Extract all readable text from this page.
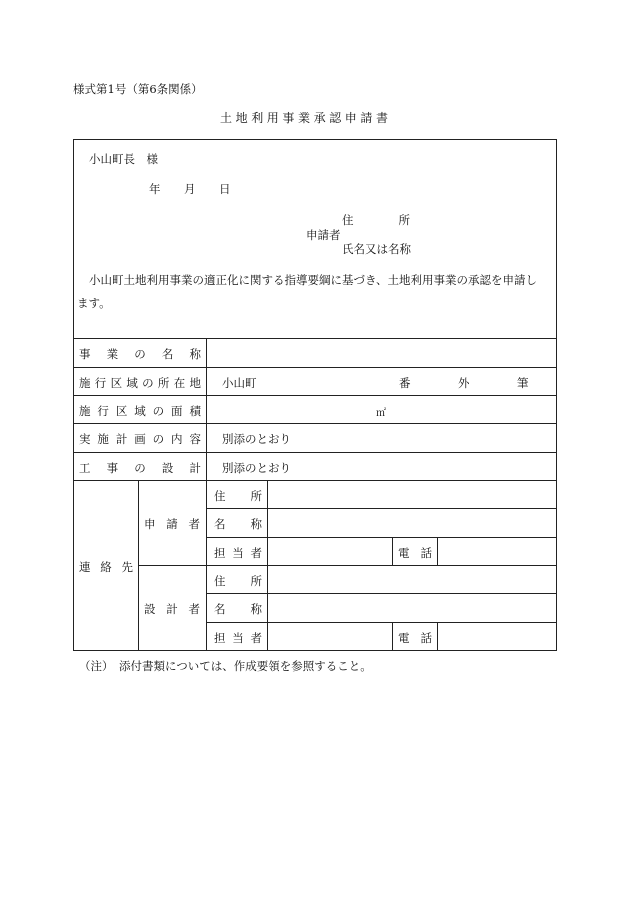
様式第1号（第6条関係）
土地利用事業承認申請書
小山町長　様
年 月 日
住	所
申請者
氏名又は名称
小山町土地利用事業の適正化に関する指導要綱に基づき、土地利用事業の承認を申請し
ます。
事 業 の 名 称
施 行 区 域 の 所 在 地 小山町	番	外	筆
施 行 区 域 の 面 積	㎡
実 施 計 画 の 内 容 別添のとおり
工 事 の 設 計 別添のとおり
連 絡 先
申 請 者
住 所
名 称
担 当 者	電 話
設 計 者
住 所
名 称
担 当 者	電 話
（注） 添付書類については、作成要領を参照すること。
